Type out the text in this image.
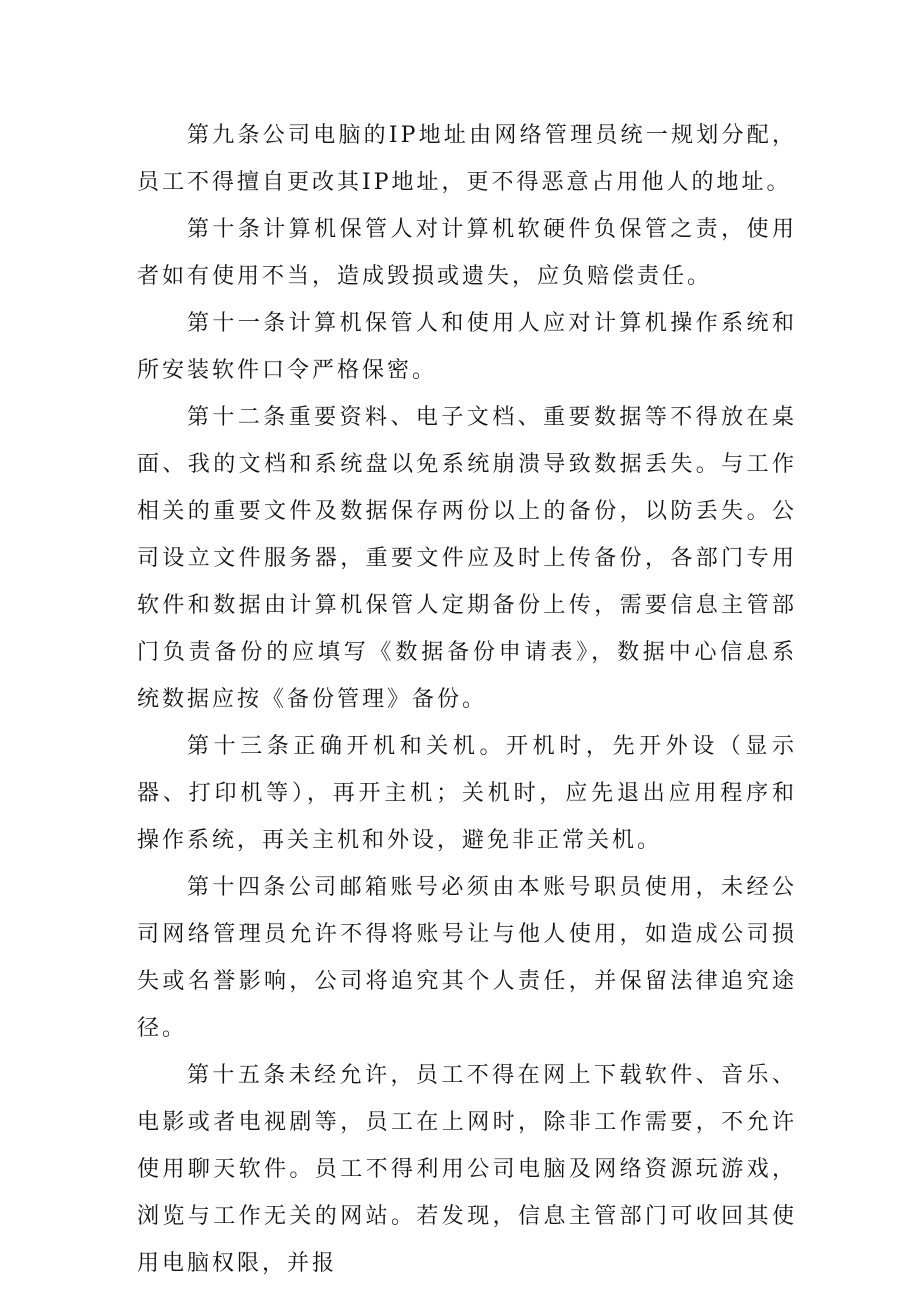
第九条公司电脑的IP地址由网络管理员统一规划分配，员工不得擅自更改其IP地址，更不得恶意占用他人的地址。

第十条计算机保管人对计算机软硬件负保管之责，使用者如有使用不当，造成毁损或遗失，应负赔偿责任。

第十一条计算机保管人和使用人应对计算机操作系统和所安装软件口令严格保密。

第十二条重要资料、电子文档、重要数据等不得放在桌面、我的文档和系统盘以免系统崩溃导致数据丢失。与工作相关的重要文件及数据保存两份以上的备份，以防丢失。公司设立文件服务器，重要文件应及时上传备份，各部门专用软件和数据由计算机保管人定期备份上传，需要信息主管部门负责备份的应填写《数据备份申请表》，数据中心信息系统数据应按《备份管理》备份。

第十三条正确开机和关机。开机时，先开外设（显示器、打印机等），再开主机；关机时，应先退出应用程序和操作系统，再关主机和外设，避免非正常关机。

第十四条公司邮箱账号必须由本账号职员使用，未经公司网络管理员允许不得将账号让与他人使用，如造成公司损失或名誉影响，公司将追究其个人责任，并保留法律追究途径。

第十五条未经允许，员工不得在网上下载软件、音乐、电影或者电视剧等，员工在上网时，除非工作需要，不允许使用聊天软件。员工不得利用公司电脑及网络资源玩游戏，浏览与工作无关的网站。若发现，信息主管部门可收回其使用电脑权限，并报
